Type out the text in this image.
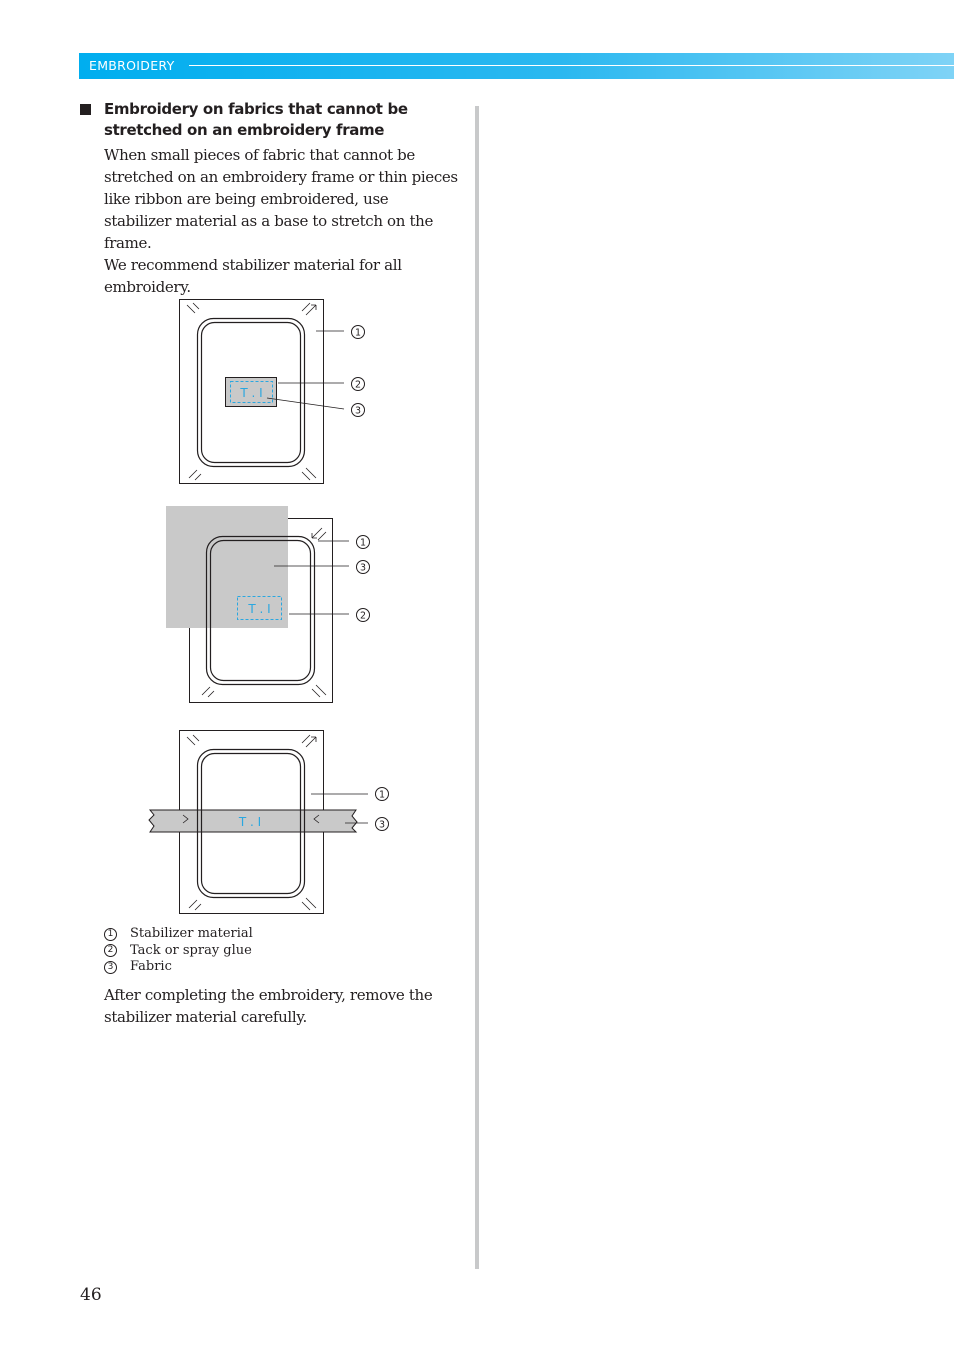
EMBROIDERY
Embroidery on fabrics that cannot be stretched on an embroidery frame
When small pieces of fabric that cannot be stretched on an embroidery frame or thin pieces like ribbon are being embroidered, use stabilizer material as a base to stretch on the frame.
We recommend stabilizer material for all embroidery.
T . I
1
2
3
T . I
1
3
2
T . I
1
3
1 Stabilizer material
2 Tack or spray glue
3 Fabric
After completing the embroidery, remove the stabilizer material carefully.
46
